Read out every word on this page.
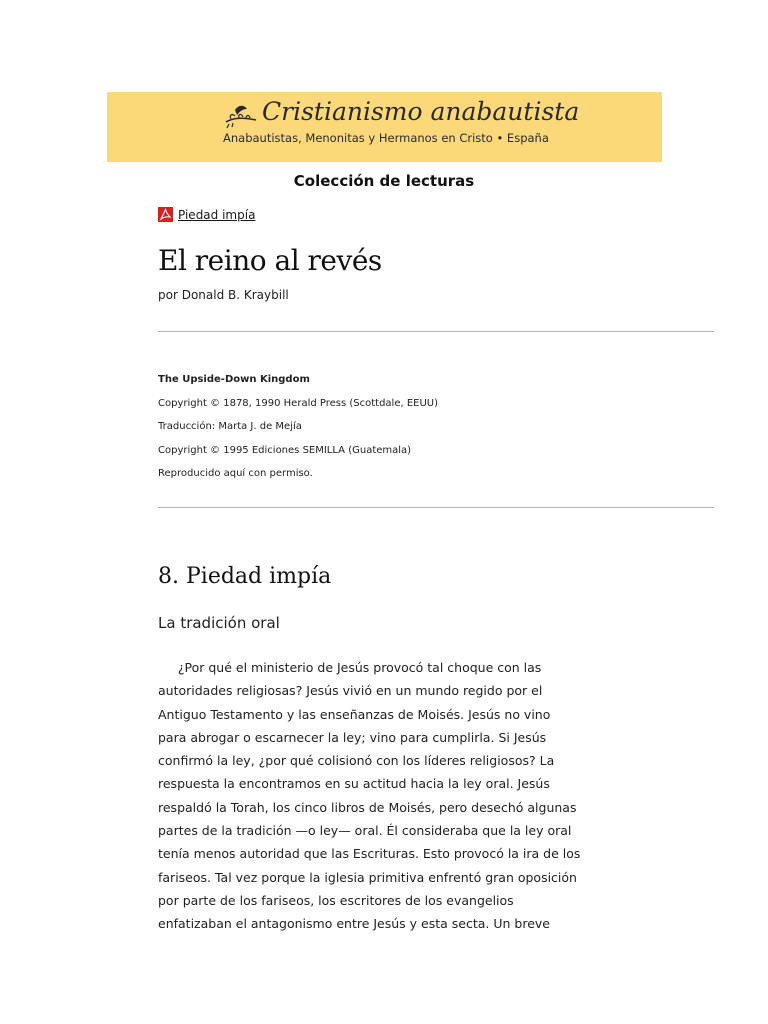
Cristianismo anabautista
Anabautistas, Menonitas y Hermanos en Cristo • España
Colección de lecturas
Piedad impía
El reino al revés
por Donald B. Kraybill
The Upside-Down Kingdom
Copyright © 1878, 1990 Herald Press (Scottdale, EEUU)
Traducción: Marta J. de Mejía
Copyright © 1995 Ediciones SEMILLA (Guatemala)
Reproducido aquí con permiso.
8. Piedad impía
La tradición oral
¿Por qué el ministerio de Jesús provocó tal choque con las
autoridades religiosas? Jesús vivió en un mundo regido por el
Antiguo Testamento y las enseñanzas de Moisés. Jesús no vino
para abrogar o escarnecer la ley; vino para cumplirla. Si Jesús
confirmó la ley, ¿por qué colisionó con los líderes religiosos? La
respuesta la encontramos en su actitud hacia la ley oral. Jesús
respaldó la Torah, los cinco libros de Moisés, pero desechó algunas
partes de la tradición —o ley— oral. Él consideraba que la ley oral
tenía menos autoridad que las Escrituras. Esto provocó la ira de los
fariseos. Tal vez porque la iglesia primitiva enfrentó gran oposición
por parte de los fariseos, los escritores de los evangelios
enfatizaban el antagonismo entre Jesús y esta secta. Un breve
